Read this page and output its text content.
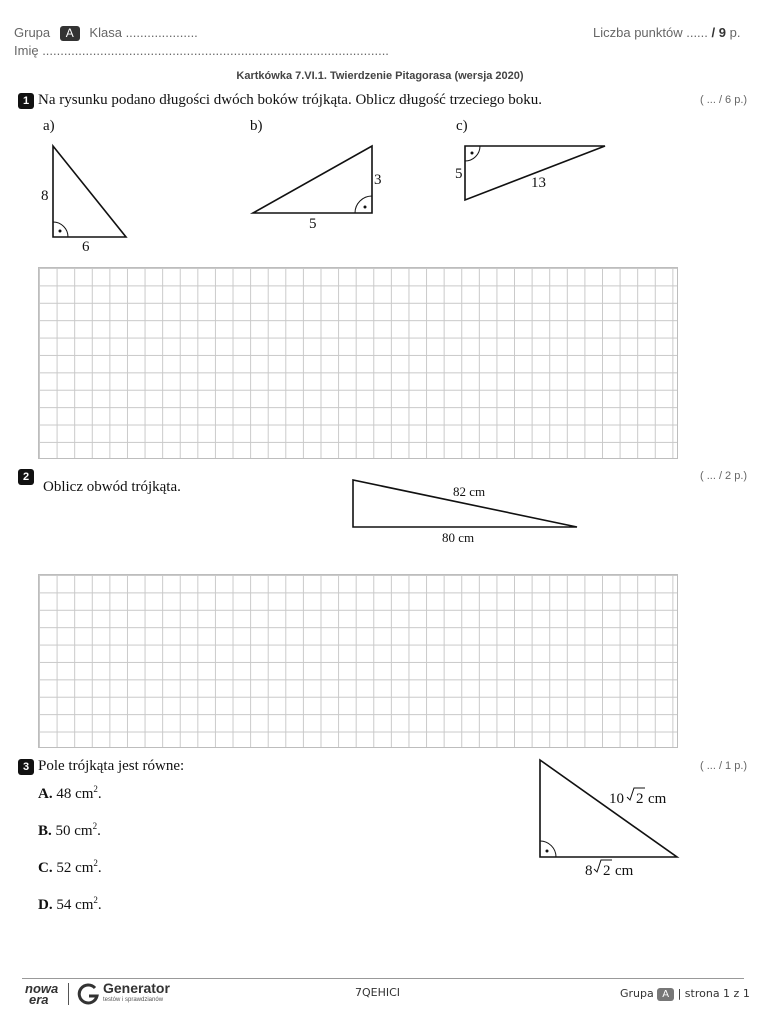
Grupa A Klasa ....................	Liczba punktów ...... / 9 p.
Imię ................................................................................................
Kartkówka 7.VI.1. Twierdzenie Pitagorasa (wersja 2020)
1 Na rysunku podano długości dwóch boków trójkąta. Oblicz długość trzeciego boku.	( ... / 6 p.)
a)	b)	c)
8
6
3
5
5
13
2
Oblicz obwód trójkąta.
( ... / 2 p.)
82 cm
80 cm
3 Pole trójkąta jest równe:	( ... / 1 p.)
A. 48 $cm^2$.
B. 50 $cm^2$.
C. 52 $cm^2$.
D. 54 $cm^2$.
10 2 cm
8 2 cm
nowa
era
Generator
testów i sprawdzianów
7QEHICI	Grupa A | strona 1 z 1
